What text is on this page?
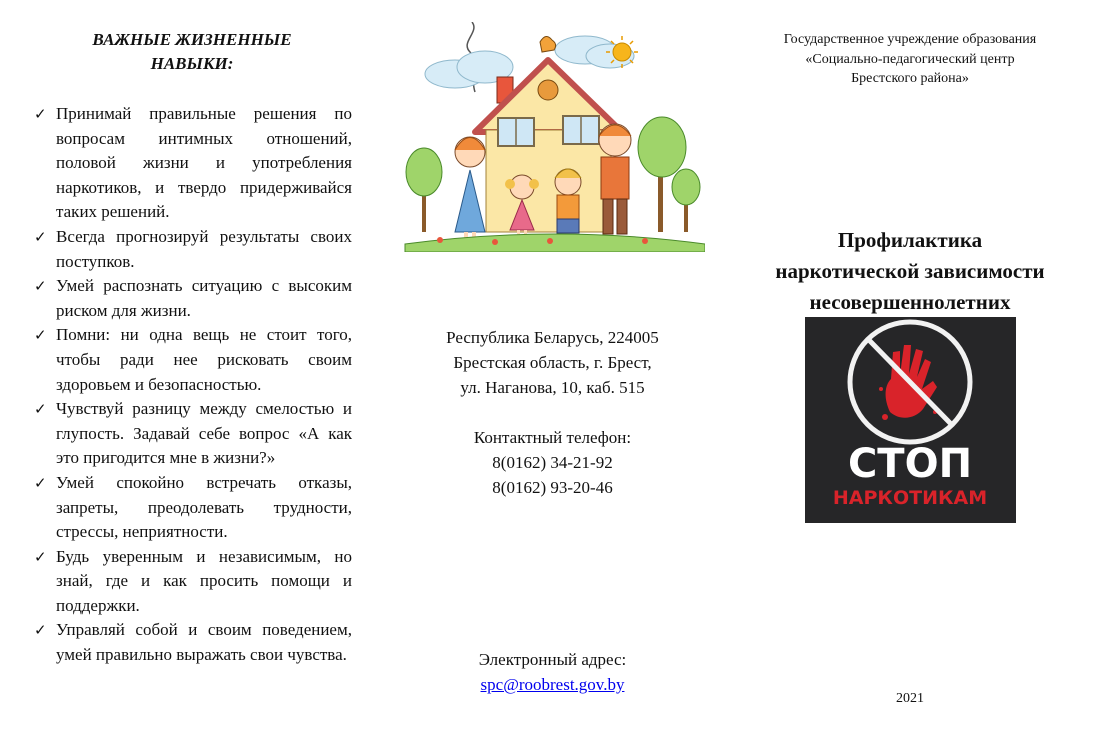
ВАЖНЫЕ ЖИЗНЕННЫЕ
НАВЫКИ:
✓ Принимай правильные решения по вопросам интимных отношений, половой жизни и употребления наркотиков, и твердо придерживайся таких решений.
✓ Всегда прогнозируй результаты своих поступков.
✓ Умей распознать ситуацию с высоким риском для жизни.
✓ Помни: ни одна вещь не стоит того, чтобы ради нее рисковать своим здоровьем и безопасностью.
✓ Чувствуй разницу между смелостью и глупость. Задавай себе вопрос «А как это пригодится мне в жизни?»
✓ Умей спокойно встречать отказы, запреты, преодолевать трудности, стрессы, неприятности.
✓ Будь уверенным и независимым, но знай, где и как просить помощи и поддержки.
✓ Управляй собой и своим поведением, умей правильно выражать свои чувства.
Республика Беларусь, 224005
Брестская область, г. Брест,
ул. Наганова, 10, каб. 515
Контактный телефон:
8(0162) 34-21-92
8(0162) 93-20-46
Электронный адрес:
spc@roobrest.gov.by
Государственное учреждение образования
«Социально-педагогический центр
Брестского района»
Профилактика
наркотической зависимости
несовершеннолетних
СТОП
НАРКОТИКАМ
2021
